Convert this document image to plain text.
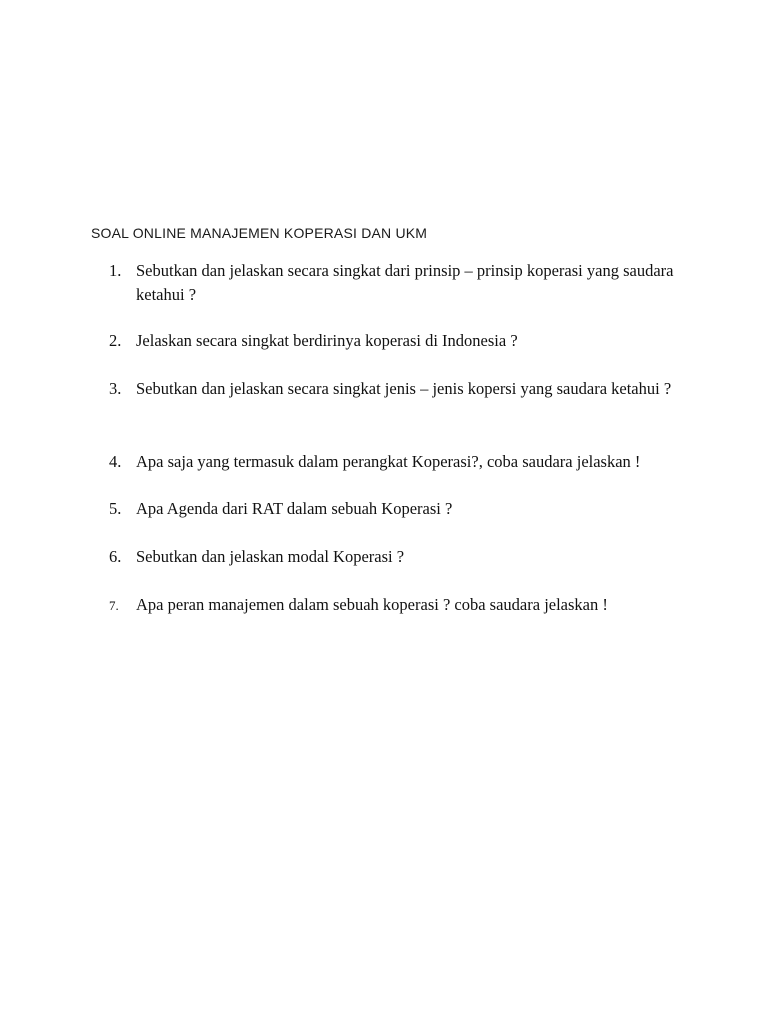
SOAL ONLINE MANAJEMEN KOPERASI DAN UKM
1. Sebutkan dan jelaskan secara singkat dari prinsip – prinsip koperasi yang saudara ketahui ?
2. Jelaskan secara singkat berdirinya koperasi di Indonesia ?
3. Sebutkan dan jelaskan secara singkat jenis – jenis kopersi yang saudara ketahui ?
4. Apa saja yang termasuk dalam perangkat Koperasi?, coba saudara jelaskan !
5. Apa Agenda dari RAT dalam sebuah Koperasi ?
6. Sebutkan dan jelaskan modal Koperasi ?
7.	Apa peran manajemen dalam sebuah koperasi ? coba saudara jelaskan !
